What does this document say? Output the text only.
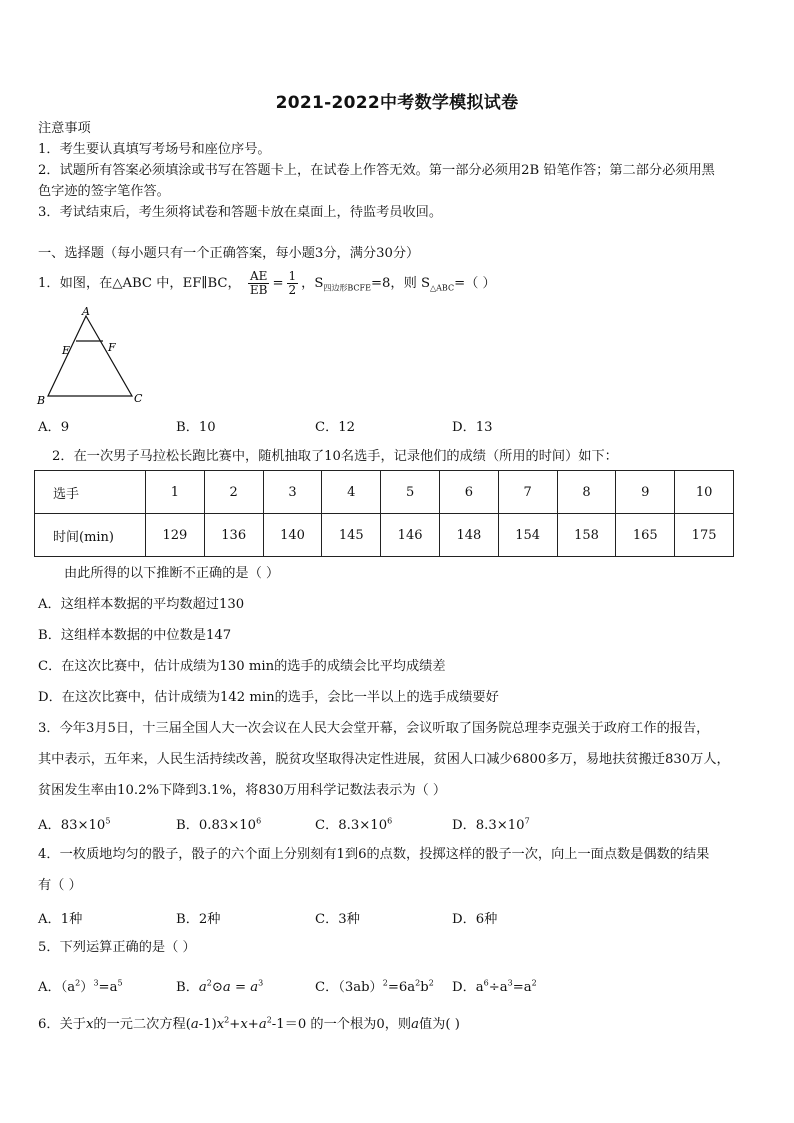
2021-2022中考数学模拟试卷
注意事项
1．考生要认真填写考场号和座位序号。
2．试题所有答案必须填涂或书写在答题卡上，在试卷上作答无效。第一部分必须用2B 铅笔作答；第二部分必须用黑
色字迹的签字笔作答。
3．考试结束后，考生须将试卷和答题卡放在桌面上，待监考员收回。
一、选择题（每小题只有一个正确答案，每小题3分，满分30分）
1．如图，在△ABC 中，EF∥BC， $\frac{AE}{EB} = \frac{1}{2}$ ，$S_{四边形BCFE}=8$，则 $S_{\triangle ABC}=$（ ）
A
E	F
B	C
A．9	B．10	C．12	D．13
2．在一次男子马拉松长跑比赛中，随机抽取了10名选手，记录他们的成绩（所用的时间）如下：
选手	1	2	3	4	5	6	7	8	9	10
时间(min)	129	136	140	145	146	148	154	158	165	175
由此所得的以下推断不正确的是（ ）
A．这组样本数据的平均数超过130
B．这组样本数据的中位数是147
C．在这次比赛中，估计成绩为130 min的选手的成绩会比平均成绩差
D．在这次比赛中，估计成绩为142 min的选手，会比一半以上的选手成绩要好
3．今年3月5日，十三届全国人大一次会议在人民大会堂开幕，会议听取了国务院总理李克强关于政府工作的报告，
其中表示，五年来，人民生活持续改善，脱贫攻坚取得决定性进展，贫困人口减少6800多万，易地扶贫搬迁830万人，
贫困发生率由10.2%下降到3.1%，将830万用科学记数法表示为（ ）
A．$83\times 10^5$	B．$0.83\times 10^6$	C．$8.3\times 10^6$	D．$8.3\times 10^7$
4．一枚质地均匀的骰子，骰子的六个面上分别刻有1到6的点数，投掷这样的骰子一次，向上一面点数是偶数的结果
有（ ）
A．1种	B．2种	C．3种	D．6种
5．下列运算正确的是（ ）
A．$(a^2)^3=a^5$	B．$a^2⊙a = a^3$	C．$(3ab)^2=6a^2b^2$ D．$a^6\div a^3=a^2$
6．关于x的一元二次方程$(a-1)x^2+x+a^2-1=0$ 的一个根为0，则a值为( )
